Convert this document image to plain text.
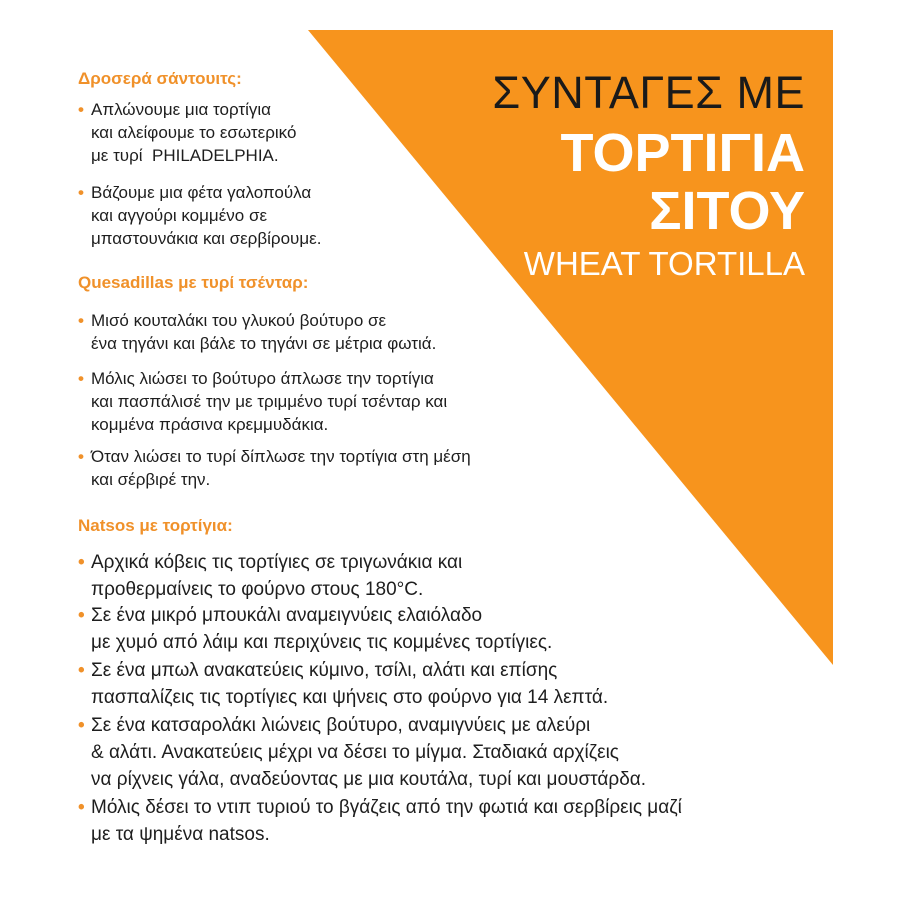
ΣΥΝΤΑΓΕΣ ΜΕ
ΤΟΡΤΙΓΙΑ
ΣΙΤΟΥ
WHEAT TORTILLA
Δροσερά σάντουιτς:
• Απλώνουμε μια τορτίγια
και αλείφουμε το εσωτερικό
με τυρί  PHILADELPHIA.
• Βάζουμε μια φέτα γαλοπούλα
και αγγούρι κομμένο σε
μπαστουνάκια και σερβίρουμε.
Quesadillas με τυρί τσένταρ:
• Μισό κουταλάκι του γλυκού βούτυρο σε
ένα τηγάνι και βάλε το τηγάνι σε μέτρια φωτιά.
• Μόλις λιώσει το βούτυρο άπλωσε την τορτίγια
και πασπάλισέ την με τριμμένο τυρί τσένταρ και
κομμένα πράσινα κρεμμυδάκια.
• Όταν λιώσει το τυρί δίπλωσε την τορτίγια στη μέση
και σέρβιρέ την.
Natsos με τορτίγια:
• Αρχικά κόβεις τις τορτίγιες σε τριγωνάκια και
προθερμαίνεις το φούρνο στους 180°C.
• Σε ένα μικρό μπουκάλι αναμειγνύεις ελαιόλαδο
με χυμό από λάιμ και περιχύνεις τις κομμένες τορτίγιες.
• Σε ένα μπωλ ανακατεύεις κύμινο, τσίλι, αλάτι και επίσης
πασπαλίζεις τις τορτίγιες και ψήνεις στο φούρνο για 14 λεπτά.
• Σε ένα κατσαρολάκι λιώνεις βούτυρο, αναμιγνύεις με αλεύρι
& αλάτι. Ανακατεύεις μέχρι να δέσει το μίγμα. Σταδιακά αρχίζεις
να ρίχνεις γάλα, αναδεύοντας με μια κουτάλα, τυρί και μουστάρδα.
• Μόλις δέσει το ντιπ τυριού το βγάζεις από την φωτιά και σερβίρεις μαζί
με τα ψημένα natsos.
